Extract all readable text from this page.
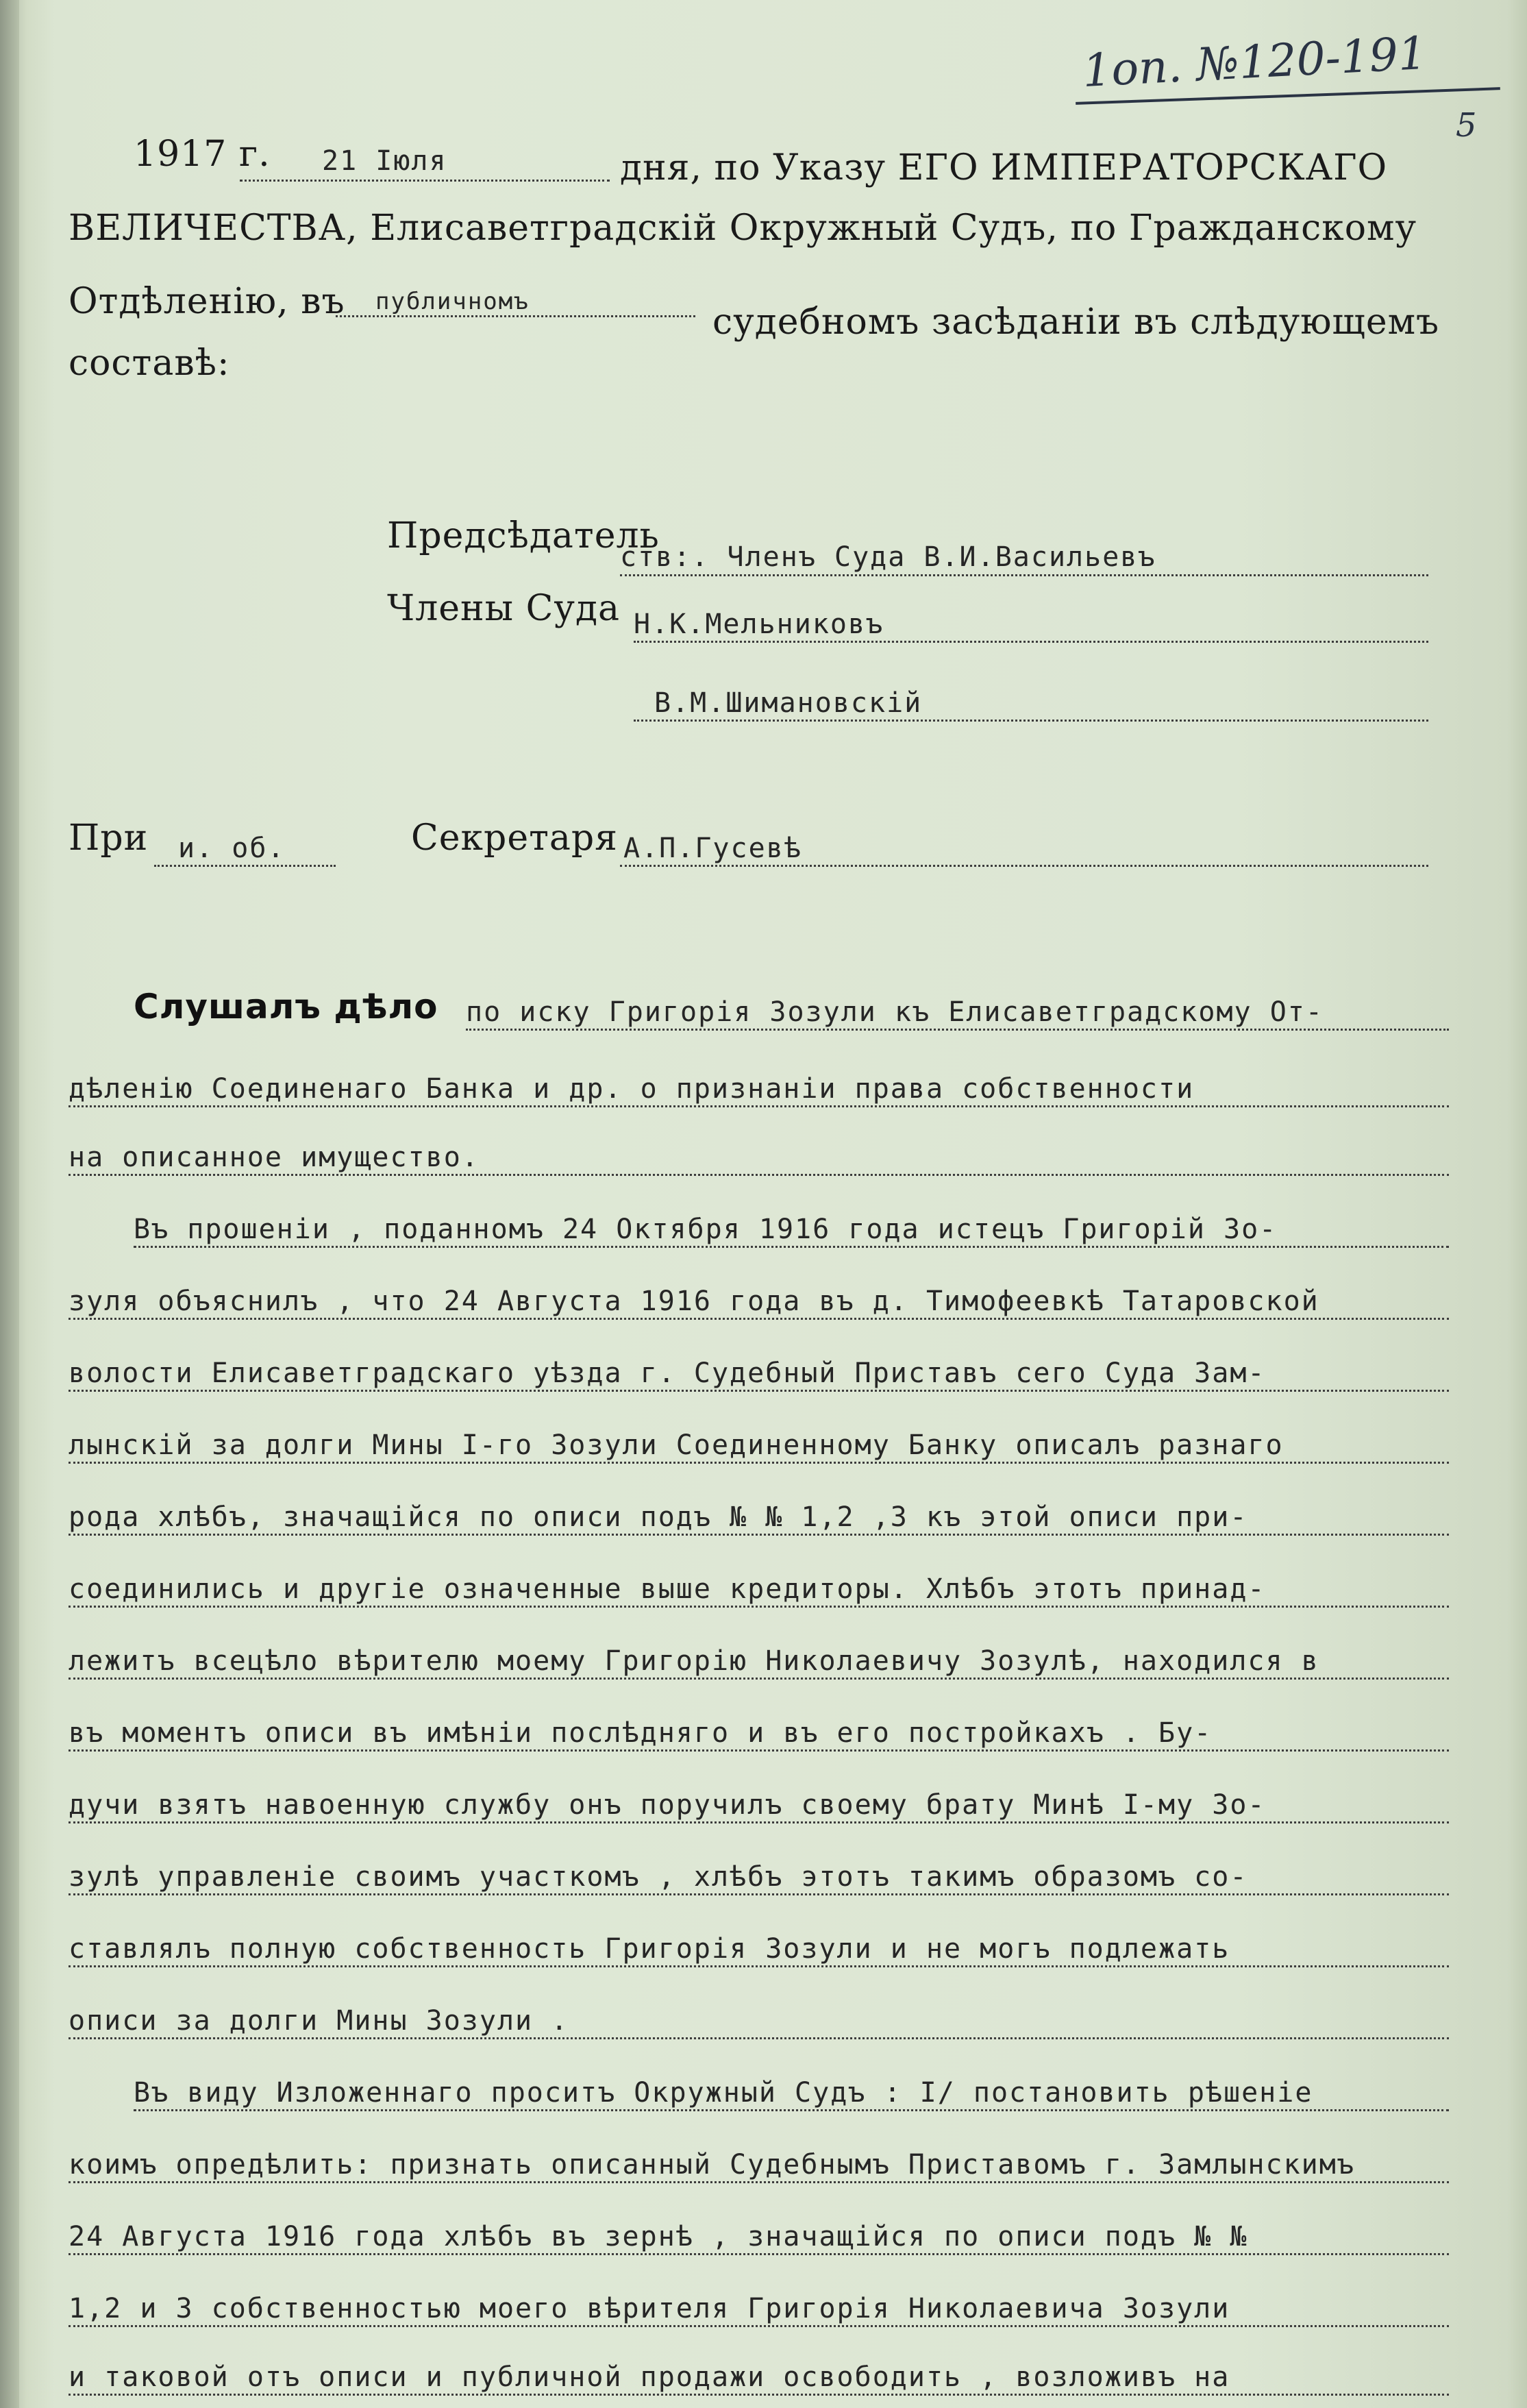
1оп. №120-191
5
1917 г. 21 Іюля	дня, по Указу ЕГО ИМПЕРАТОРСКАГО
ВЕЛИЧЕСТВА, Елисаветградскій Окружный Судъ, по Гражданскому
Отдѣленію, въ публичномъ	судебномъ засѣданіи въ слѣдующемъ
составѣ:
Предсѣдатель
ств:. Членъ Суда В.И.Васильевъ
Члены Суда Н.К.Мельниковъ
В.М.Шимановскій
При и. об.	Секретаря А.П.Гусевѣ
Слушалъ дѣло по иску Григорія Зозули къ Елисаветградскому От-
дѣленію Соединенаго Банка и др. о признаніи права собственности
на описанное имущество.
Въ прошеніи , поданномъ 24 Октября 1916 года истецъ Григорій Зо-
зуля объяснилъ , что 24 Августа 1916 года въ д. Тимофеевкѣ Татаровской
волости Елисаветградскаго уѣзда г. Судебный Приставъ сего Суда Зам-
лынскій за долги Мины І-го Зозули Соединенному Банку описалъ разнаго
рода хлѣбъ, значащійся по описи подъ № № 1,2 ,3 къ этой описи при-
соединились и другіе означенные выше кредиторы. Хлѣбъ этотъ принад-
лежитъ всецѣло вѣрителю моему Григорію Николаевичу Зозулѣ, находился в
въ моментъ описи въ имѣніи послѣдняго и въ его постройкахъ . Бу-
дучи взятъ навоенную службу онъ поручилъ своему брату Минѣ І-му Зо-
зулѣ управленіе своимъ участкомъ , хлѣбъ этотъ такимъ образомъ со-
ставлялъ полную собственность Григорія Зозули и не могъ подлежать
описи за долги Мины Зозули .
Въ виду Изложеннаго проситъ Окружный Судъ : І/ постановить рѣшеніе
коимъ опредѣлить: признать описанный Судебнымъ Приставомъ г. Замлынскимъ
24 Августа 1916 года хлѣбъ въ зернѣ , значащійся по описи подъ № №
1,2 и 3 собственностью моего вѣрителя Григорія Николаевича Зозули
и таковой отъ описи и публичной продажи освободить , возложивъ на
